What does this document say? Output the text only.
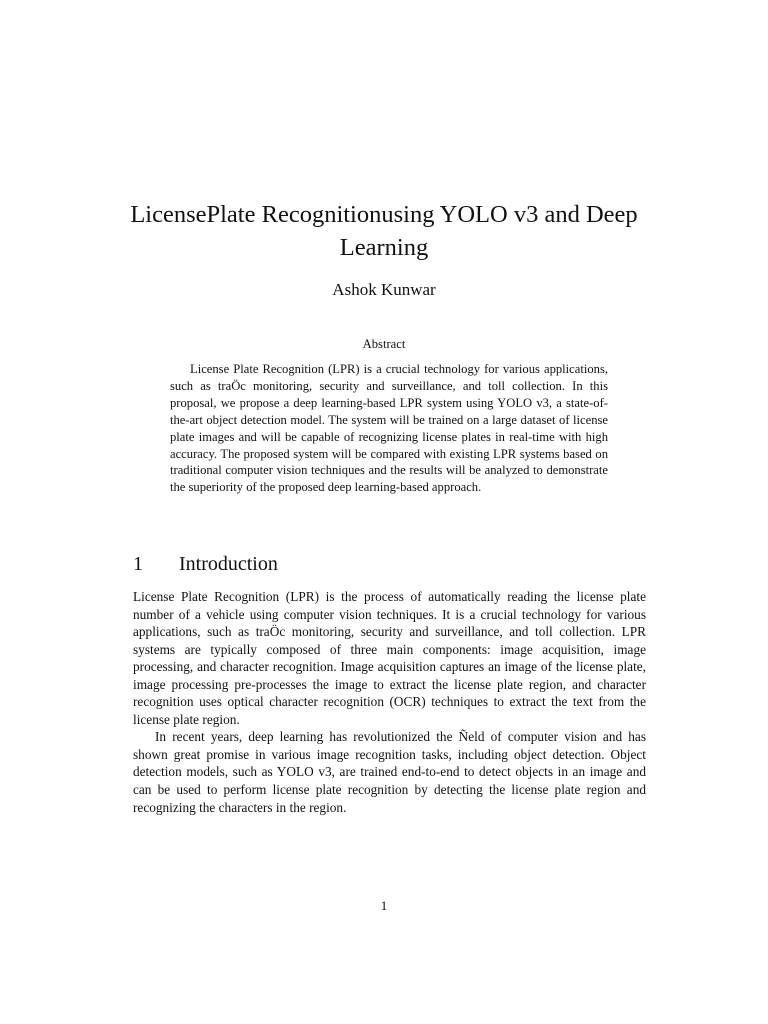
LicensePlate Recognitionusing YOLO v3 and Deep Learning
Ashok Kunwar
Abstract

License Plate Recognition (LPR) is a crucial technology for various applications, such as traÖc monitoring, security and surveillance, and toll collection. In this proposal, we propose a deep learning-based LPR system using YOLO v3, a state-of-the-art object detection model. The system will be trained on a large dataset of license plate images and will be capable of recognizing license plates in real-time with high accuracy. The proposed system will be compared with existing LPR systems based on traditional computer vision techniques and the results will be analyzed to demonstrate the superiority of the proposed deep learning-based approach.

1 Introduction

License Plate Recognition (LPR) is the process of automatically reading the license plate number of a vehicle using computer vision techniques. It is a crucial technology for various applications, such as traÖc monitoring, security and surveillance, and toll collection. LPR systems are typically composed of three main components: image acquisition, image processing, and character recognition. Image acquisition captures an image of the license plate, image processing pre-processes the image to extract the license plate region, and character recognition uses optical character recognition (OCR) techniques to extract the text from the license plate region.

In recent years, deep learning has revolutionized the Ñeld of computer vision and has shown great promise in various image recognition tasks, including object detection. Object detection models, such as YOLO v3, are trained end-to-end to detect objects in an image and can be used to perform license plate recognition by detecting the license plate region and recognizing the characters in the region.

1
